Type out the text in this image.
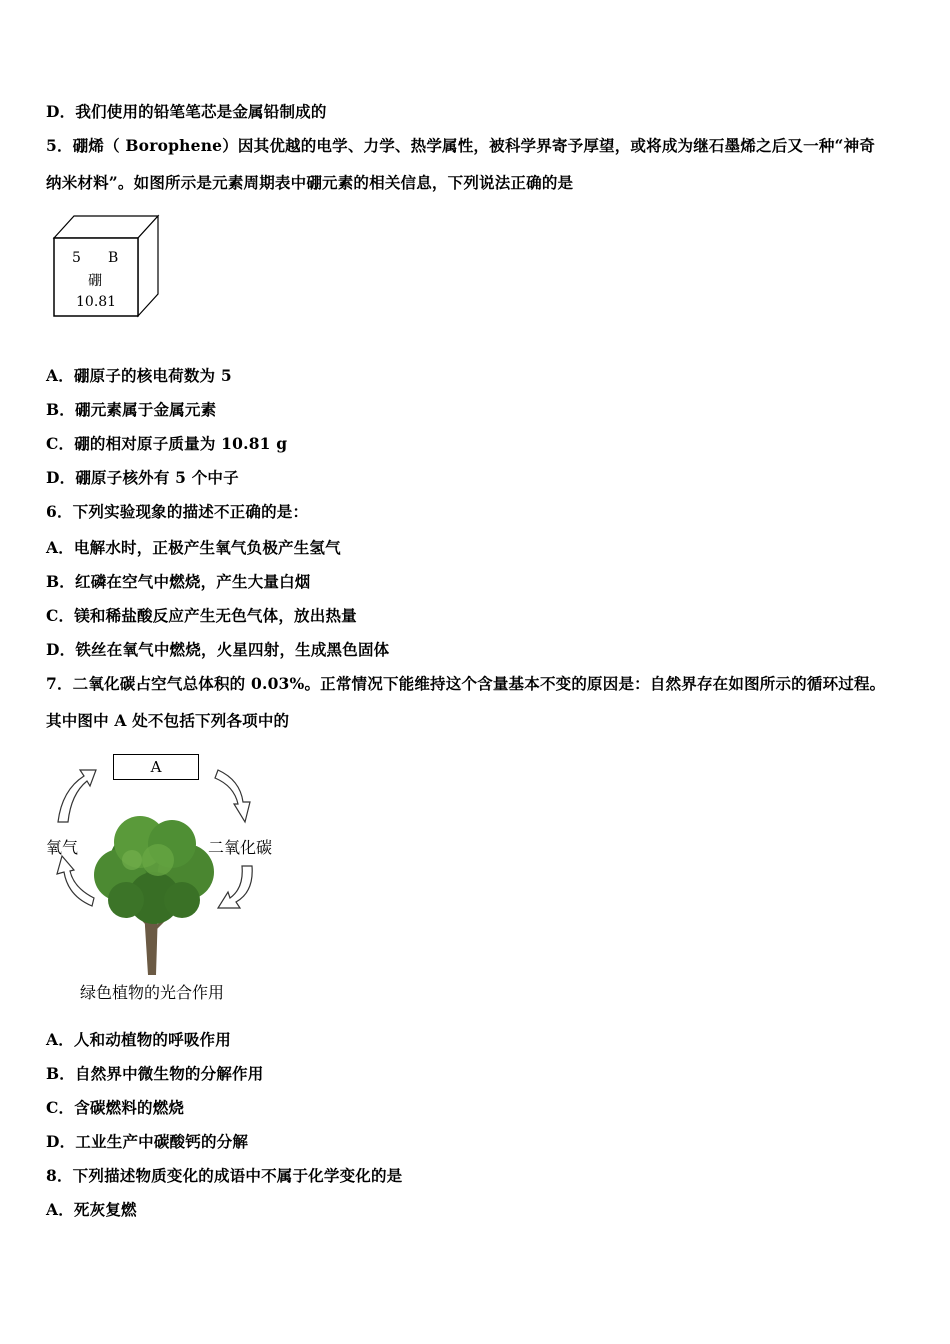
D．我们使用的铅笔笔芯是金属铅制成的
5．硼烯（ Borophene）因其优越的电学、力学、热学属性，被科学界寄予厚望，或将成为继石墨烯之后又一种“神奇
纳米材料”。如图所示是元素周期表中硼元素的相关信息，下列说法正确的是
5 B
硼
10.81
A．硼原子的核电荷数为 5
B．硼元素属于金属元素
C．硼的相对原子质量为 10.81 g
D．硼原子核外有 5 个中子
6．下列实验现象的描述不正确的是：
A．电解水时，正极产生氧气负极产生氢气
B．红磷在空气中燃烧，产生大量白烟
C．镁和稀盐酸反应产生无色气体，放出热量
D．铁丝在氧气中燃烧，火星四射，生成黑色固体
7．二氧化碳占空气总体积的 0.03%。正常情况下能维持这个含量基本不变的原因是：自然界存在如图所示的循环过程。
其中图中 A 处不包括下列各项中的
A
氧气	二氧化碳
绿色植物的光合作用
A．人和动植物的呼吸作用
B．自然界中微生物的分解作用
C．含碳燃料的燃烧
D．工业生产中碳酸钙的分解
8．下列描述物质变化的成语中不属于化学变化的是
A．死灰复燃
